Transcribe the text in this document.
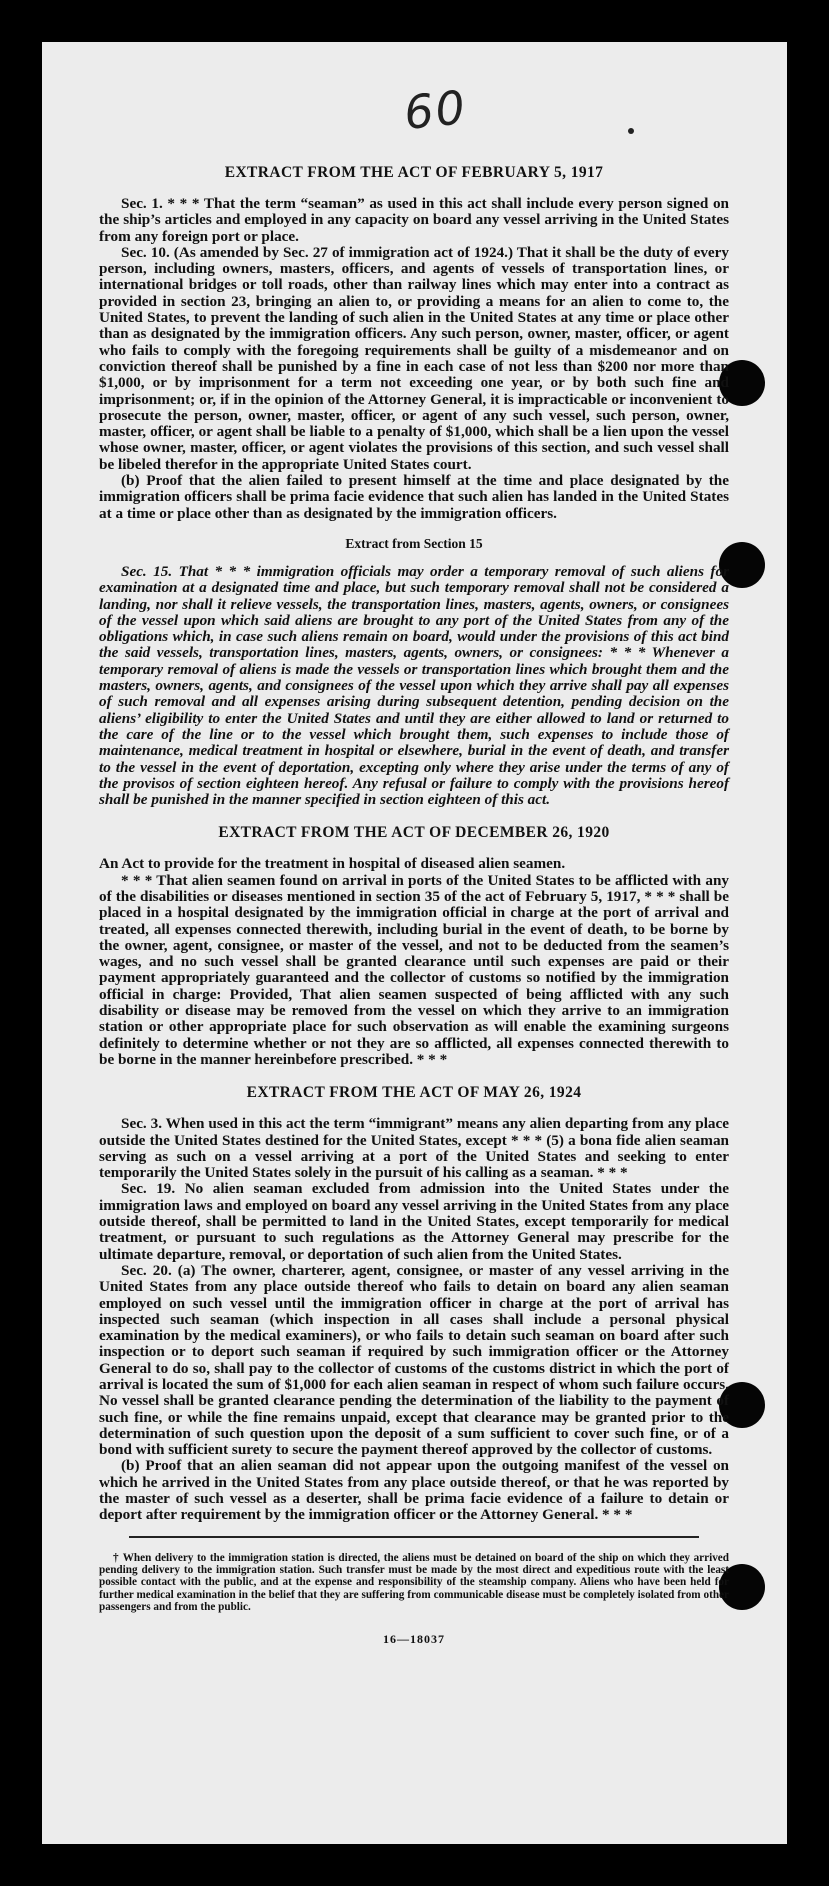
60
EXTRACT FROM THE ACT OF FEBRUARY 5, 1917

Sec. 1. * * * That the term “seaman” as used in this act shall include every person signed on the ship’s articles and employed in any capacity on board any vessel arriving in the United States from any foreign port or place.

Sec. 10. (As amended by Sec. 27 of immigration act of 1924.) That it shall be the duty of every person, including owners, masters, officers, and agents of vessels of transportation lines, or international bridges or toll roads, other than railway lines which may enter into a contract as provided in section 23, bringing an alien to, or providing a means for an alien to come to, the United States, to prevent the landing of such alien in the United States at any time or place other than as designated by the immigration officers. Any such person, owner, master, officer, or agent who fails to comply with the foregoing requirements shall be guilty of a misdemeanor and on conviction thereof shall be punished by a fine in each case of not less than $200 nor more than $1,000, or by imprisonment for a term not exceeding one year, or by both such fine and imprisonment; or, if in the opinion of the Attorney General, it is impracticable or inconvenient to prosecute the person, owner, master, officer, or agent of any such vessel, such person, owner, master, officer, or agent shall be liable to a penalty of $1,000, which shall be a lien upon the vessel whose owner, master, officer, or agent violates the provisions of this section, and such vessel shall be libeled therefor in the appropriate United States court.

(b) Proof that the alien failed to present himself at the time and place designated by the immigration officers shall be prima facie evidence that such alien has landed in the United States at a time or place other than as designated by the immigration officers.

Extract from Section 15

Sec. 15. That * * * immigration officials may order a temporary removal of such aliens for examination at a designated time and place, but such temporary removal shall not be considered a landing, nor shall it relieve vessels, the transportation lines, masters, agents, owners, or consignees of the vessel upon which said aliens are brought to any port of the United States from any of the obligations which, in case such aliens remain on board, would under the provisions of this act bind the said vessels, transportation lines, masters, agents, owners, or consignees: * * * Whenever a temporary removal of aliens is made the vessels or transportation lines which brought them and the masters, owners, agents, and consignees of the vessel upon which they arrive shall pay all expenses of such removal and all expenses arising during subsequent detention, pending decision on the aliens’ eligibility to enter the United States and until they are either allowed to land or returned to the care of the line or to the vessel which brought them, such expenses to include those of maintenance, medical treatment in hospital or elsewhere, burial in the event of death, and transfer to the vessel in the event of deportation, excepting only where they arise under the terms of any of the provisos of section eighteen hereof. Any refusal or failure to comply with the provisions hereof shall be punished in the manner specified in section eighteen of this act.

EXTRACT FROM THE ACT OF DECEMBER 26, 1920

An Act to provide for the treatment in hospital of diseased alien seamen.

* * * That alien seamen found on arrival in ports of the United States to be afflicted with any of the disabilities or diseases mentioned in section 35 of the act of February 5, 1917, * * * shall be placed in a hospital designated by the immigration official in charge at the port of arrival and treated, all expenses connected therewith, including burial in the event of death, to be borne by the owner, agent, consignee, or master of the vessel, and not to be deducted from the seamen’s wages, and no such vessel shall be granted clearance until such expenses are paid or their payment appropriately guaranteed and the collector of customs so notified by the immigration official in charge: Provided, That alien seamen suspected of being afflicted with any such disability or disease may be removed from the vessel on which they arrive to an immigration station or other appropriate place for such observation as will enable the examining surgeons definitely to determine whether or not they are so afflicted, all expenses connected therewith to be borne in the manner hereinbefore prescribed. * * *

EXTRACT FROM THE ACT OF MAY 26, 1924

Sec. 3. When used in this act the term “immigrant” means any alien departing from any place outside the United States destined for the United States, except * * * (5) a bona fide alien seaman serving as such on a vessel arriving at a port of the United States and seeking to enter temporarily the United States solely in the pursuit of his calling as a seaman. * * *

Sec. 19. No alien seaman excluded from admission into the United States under the immigration laws and employed on board any vessel arriving in the United States from any place outside thereof, shall be permitted to land in the United States, except temporarily for medical treatment, or pursuant to such regulations as the Attorney General may prescribe for the ultimate departure, removal, or deportation of such alien from the United States.

Sec. 20. (a) The owner, charterer, agent, consignee, or master of any vessel arriving in the United States from any place outside thereof who fails to detain on board any alien seaman employed on such vessel until the immigration officer in charge at the port of arrival has inspected such seaman (which inspection in all cases shall include a personal physical examination by the medical examiners), or who fails to detain such seaman on board after such inspection or to deport such seaman if required by such immigration officer or the Attorney General to do so, shall pay to the collector of customs of the customs district in which the port of arrival is located the sum of $1,000 for each alien seaman in respect of whom such failure occurs. No vessel shall be granted clearance pending the determination of the liability to the payment of such fine, or while the fine remains unpaid, except that clearance may be granted prior to the determination of such question upon the deposit of a sum sufficient to cover such fine, or of a bond with sufficient surety to secure the payment thereof approved by the collector of customs.

(b) Proof that an alien seaman did not appear upon the outgoing manifest of the vessel on which he arrived in the United States from any place outside thereof, or that he was reported by the master of such vessel as a deserter, shall be prima facie evidence of a failure to detain or deport after requirement by the immigration officer or the Attorney General. * * *

† When delivery to the immigration station is directed, the aliens must be detained on board of the ship on which they arrived pending delivery to the immigration station. Such transfer must be made by the most direct and expeditious route with the least possible contact with the public, and at the expense and responsibility of the steamship company. Aliens who have been held for further medical examination in the belief that they are suffering from communicable disease must be completely isolated from other passengers and from the public.

16—18037
